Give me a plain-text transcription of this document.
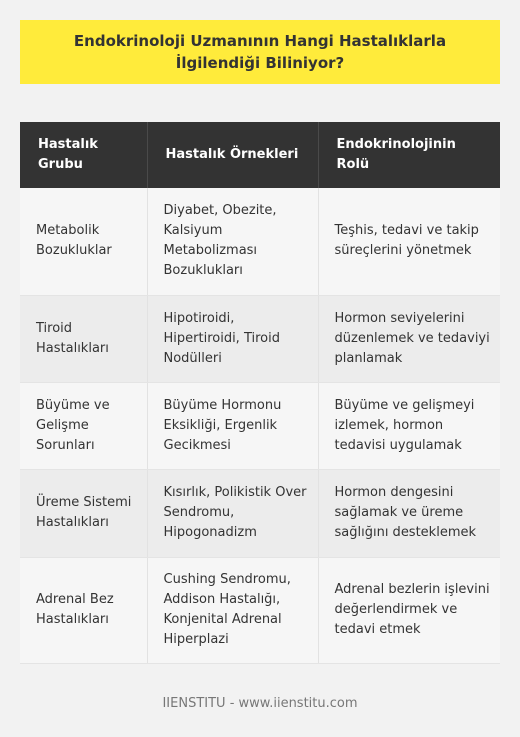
Endokrinoloji Uzmanının Hangi Hastalıklarla İlgilendiği Biliniyor?
Hastalık Grubu	Hastalık Örnekleri	Endokrinolojinin Rolü
Metabolik Bozukluklar	Diyabet, Obezite, Kalsiyum Metabolizması Bozuklukları	Teşhis, tedavi ve takip süreçlerini yönetmek
Tiroid Hastalıkları	Hipotiroidi, Hipertiroidi, Tiroid Nodülleri	Hormon seviyelerini düzenlemek ve tedaviyi planlamak
Büyüme ve Gelişme Sorunları	Büyüme Hormonu Eksikliği, Ergenlik Gecikmesi	Büyüme ve gelişmeyi izlemek, hormon tedavisi uygulamak
Üreme Sistemi Hastalıkları	Kısırlık, Polikistik Over Sendromu, Hipogonadizm	Hormon dengesini sağlamak ve üreme sağlığını desteklemek
Adrenal Bez Hastalıkları	Cushing Sendromu, Addison Hastalığı, Konjenital Adrenal Hiperplazi	Adrenal bezlerin işlevini değerlendirmek ve tedavi etmek
IIENSTITU - www.iienstitu.com
